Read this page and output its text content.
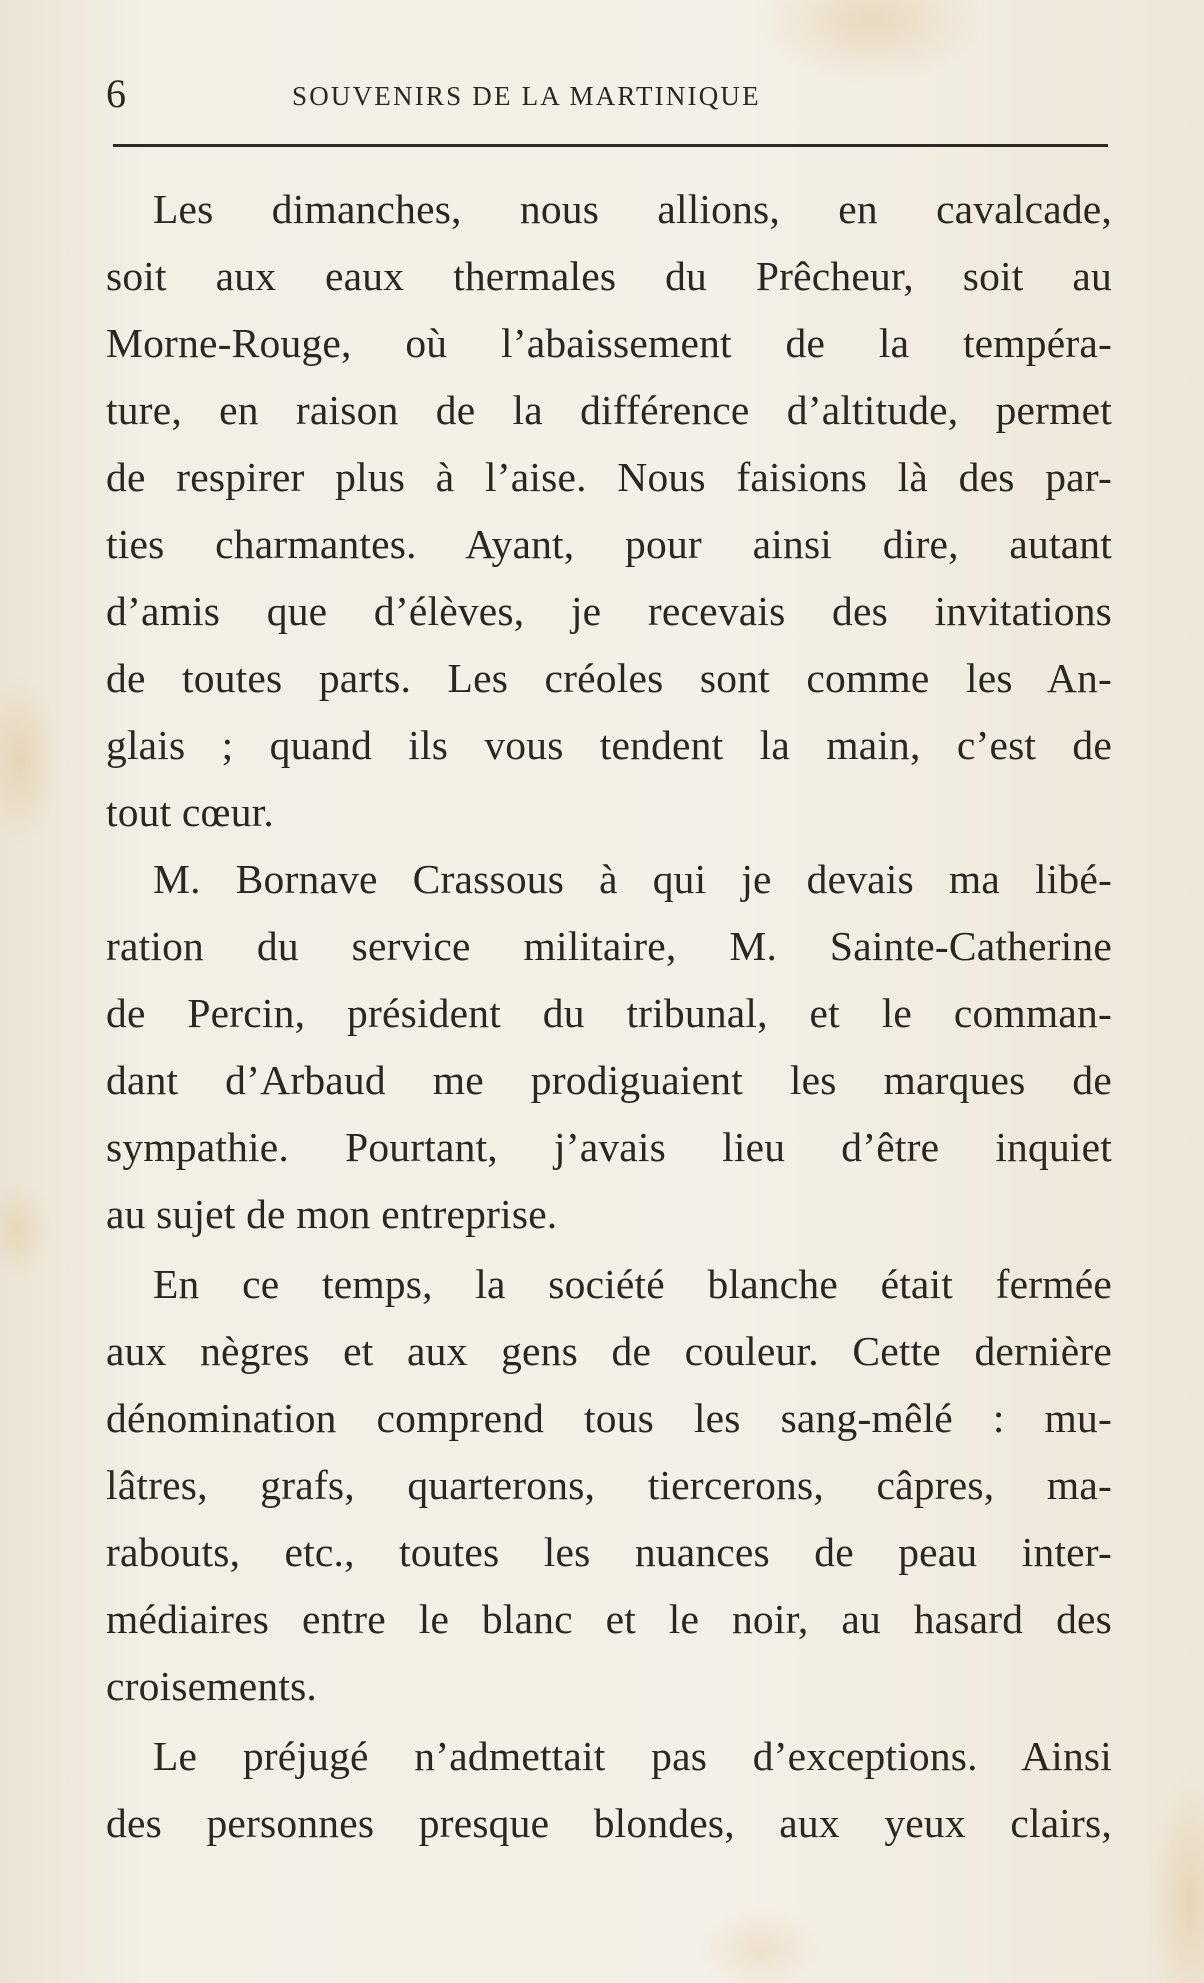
6	SOUVENIRS DE LA MARTINIQUE
Les dimanches, nous allions, en cavalcade,
soit aux eaux thermales du Prêcheur, soit au
Morne-Rouge, où l’abaissement de la tempéra-
ture, en raison de la différence d’altitude, permet
de respirer plus à l’aise. Nous faisions là des par-
ties charmantes. Ayant, pour ainsi dire, autant
d’amis que d’élèves, je recevais des invitations
de toutes parts. Les créoles sont comme les An-
glais ; quand ils vous tendent la main, c’est de
tout cœur.
M. Bornave Crassous à qui je devais ma libé-
ration du service militaire, M. Sainte-Catherine
de Percin, président du tribunal, et le comman-
dant d’Arbaud me prodiguaient les marques de
sympathie. Pourtant, j’avais lieu d’être inquiet
au sujet de mon entreprise.
En ce temps, la société blanche était fermée
aux nègres et aux gens de couleur. Cette dernière
dénomination comprend tous les sang-mêlé : mu-
lâtres, grafs, quarterons, tiercerons, câpres, ma-
rabouts, etc., toutes les nuances de peau inter-
médiaires entre le blanc et le noir, au hasard des
croisements.
Le préjugé n’admettait pas d’exceptions. Ainsi
des personnes presque blondes, aux yeux clairs,
